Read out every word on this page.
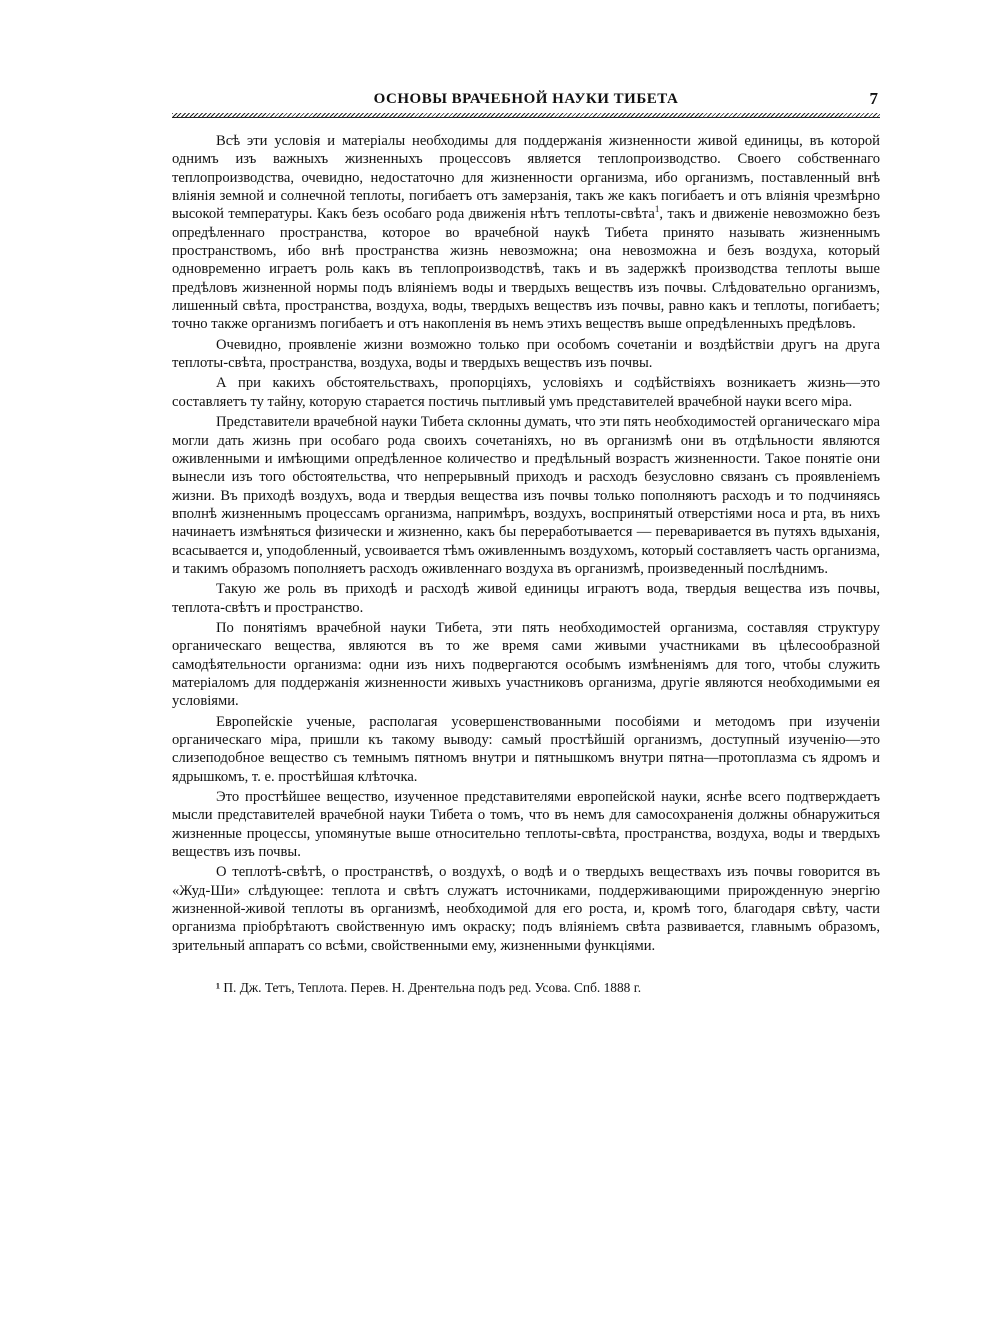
ОСНОВЫ ВРАЧЕБНОЙ НАУКИ ТИБЕТА	7

Всѣ эти условія и матеріалы необходимы для поддержанія жизненности живой единицы, въ которой однимъ изъ важныхъ жизненныхъ процессовъ является теплопроизводство. Своего собственнаго теплопроизводства, очевидно, недостаточно для жизненности организма, ибо организмъ, поставленный внѣ вліянія земной и солнечной теплоты, погибаетъ отъ замерзанія, такъ же какъ погибаетъ и отъ вліянія чрезмѣрно высокой температуры. Какъ безъ особаго рода движенія нѣтъ теплоты-свѣта$^1$, такъ и движеніе невозможно безъ опредѣленнаго пространства, которое во врачебной наукѣ Тибета принято называть жизненнымъ пространствомъ, ибо внѣ пространства жизнь невозможна; она невозможна и безъ воздуха, который одновременно играетъ роль какъ въ теплопроизводствѣ, такъ и въ задержкѣ производства теплоты выше предѣловъ жизненной нормы подъ вліяніемъ воды и твердыхъ веществъ изъ почвы. Слѣдовательно организмъ, лишенный свѣта, пространства, воздуха, воды, твердыхъ веществъ изъ почвы, равно какъ и теплоты, погибаетъ; точно также организмъ погибаетъ и отъ накопленія въ немъ этихъ веществъ выше опредѣленныхъ предѣловъ.

Очевидно, проявленіе жизни возможно только при особомъ сочетаніи и воздѣйствіи другъ на друга теплоты-свѣта, пространства, воздуха, воды и твердыхъ веществъ изъ почвы.

А при какихъ обстоятельствахъ, пропорціяхъ, условіяхъ и содѣйствіяхъ возникаетъ жизнь—это составляетъ ту тайну, которую старается постичь пытливый умъ представителей врачебной науки всего міра.

Представители врачебной науки Тибета склонны думать, что эти пять необходимостей органическаго міра могли дать жизнь при особаго рода своихъ сочетаніяхъ, но въ организмѣ они въ отдѣльности являются оживленными и имѣющими опредѣленное количество и предѣльный возрастъ жизненности. Такое понятіе они вынесли изъ того обстоятельства, что непрерывный приходъ и расходъ безусловно связанъ съ проявленіемъ жизни. Въ приходѣ воздухъ, вода и твердыя вещества изъ почвы только пополняютъ расходъ и то подчиняясь вполнѣ жизненнымъ процессамъ организма, напримѣръ, воздухъ, воспринятый отверстіями носа и рта, въ нихъ начинаетъ измѣняться физически и жизненно, какъ бы переработывается — переваривается въ путяхъ вдыханія, всасывается и, уподобленный, усвоивается тѣмъ оживленнымъ воздухомъ, который составляетъ часть организма, и такимъ образомъ пополняетъ расходъ оживленнаго воздуха въ организмѣ, произведенный послѣднимъ.

Такую же роль въ приходѣ и расходѣ живой единицы играютъ вода, твердыя вещества изъ почвы, теплота-свѣтъ и пространство.

По понятіямъ врачебной науки Тибета, эти пять необходимостей организма, составляя структуру органическаго вещества, являются въ то же время сами живыми участниками въ цѣлесообразной самодѣятельности организма: одни изъ нихъ подвергаются особымъ измѣненіямъ для того, чтобы служить матеріаломъ для поддержанія жизненности живыхъ участниковъ организма, другіе являются необходимыми ея условіями.

Европейскіе ученые, располагая усовершенствованными пособіями и методомъ при изученіи органическаго міра, пришли къ такому выводу: самый простѣйшій организмъ, доступный изученію—это слизеподобное вещество съ темнымъ пятномъ внутри и пятнышкомъ внутри пятна—протоплазма съ ядромъ и ядрышкомъ, т. е. простѣйшая клѣточка.

Это простѣйшее вещество, изученное представителями европейской науки, яснѣе всего подтверждаетъ мысли представителей врачебной науки Тибета о томъ, что въ немъ для самосохраненія должны обнаружиться жизненные процессы, упомянутые выше относительно теплоты-свѣта, пространства, воздуха, воды и твердыхъ веществъ изъ почвы.

О теплотѣ-свѣтѣ, о пространствѣ, о воздухѣ, о водѣ и о твердыхъ веществахъ изъ почвы говорится въ «Жуд-Ши» слѣдующее: теплота и свѣтъ служатъ источниками, поддерживающими прирожденную энергію жизненной-живой теплоты въ организмѣ, необходимой для его роста, и, кромѣ того, благодаря свѣту, части организма пріобрѣтаютъ свойственную имъ окраску; подъ вліяніемъ свѣта развивается, главнымъ образомъ, зрительный аппаратъ со всѣми, свойственными ему, жизненными функціями.

¹ П. Дж. Тетъ, Теплота. Перев. Н. Дрентельна подъ ред. Усова. Спб. 1888 г.
